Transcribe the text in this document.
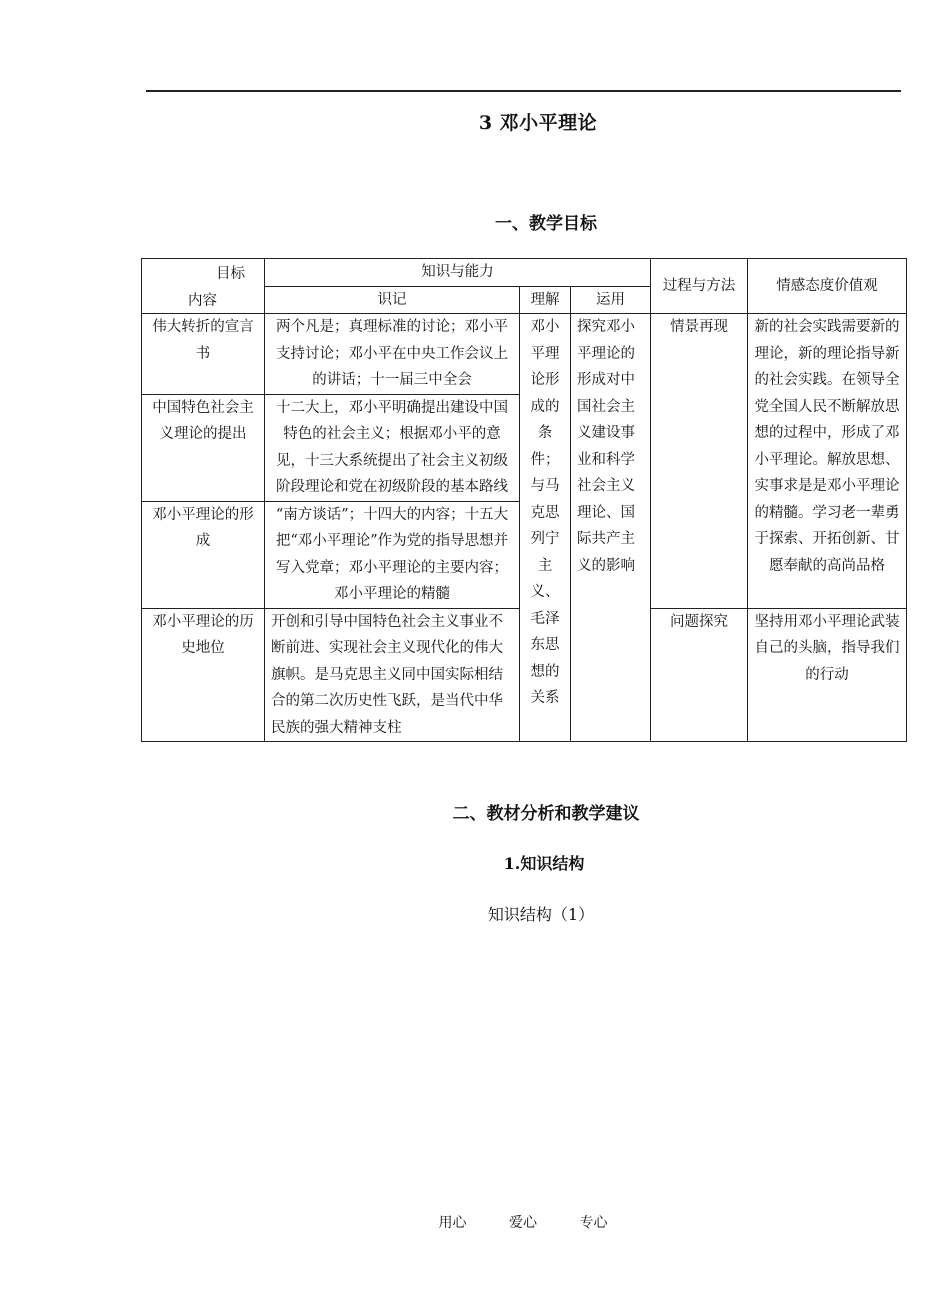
3 邓小平理论
一、教学目标
目标
内容	知识与能力			过程与方法	情感态度价值观
	识记	理解	运用		
伟大转折的宣言书	两个凡是；真理标准的讨论；邓小平支持讨论；邓小平在中央工作会议上的讲话；十一届三中全会	邓小平理论形成的条件；与马克思列宁主义、毛泽东思想的关系	探究邓小平理论的形成对中国社会主义建设事业和科学社会主义理论、国际共产主义的影响	情景再现	新的社会实践需要新的理论，新的理论指导新的社会实践。在领导全党全国人民不断解放思想的过程中，形成了邓小平理论。解放思想、实事求是是邓小平理论的精髓。学习老一辈勇于探索、开拓创新、甘愿奉献的高尚品格
中国特色社会主义理论的提出	十二大上，邓小平明确提出建设中国特色的社会主义；根据邓小平的意见，十三大系统提出了社会主义初级阶段理论和党在初级阶段的基本路线				
邓小平理论的形成	“南方谈话”；十四大的内容；十五大把“邓小平理论”作为党的指导思想并写入党章；邓小平理论的主要内容；邓小平理论的精髓				
邓小平理论的历史地位	开创和引导中国特色社会主义事业不断前进、实现社会主义现代化的伟大旗帜。是马克思主义同中国实际相结合的第二次历史性飞跃，是当代中华民族的强大精神支柱			问题探究	坚持用邓小平理论武装自己的头脑，指导我们的行动
二、教材分析和教学建议
1.知识结构
知识结构（1）
用心	爱心	专心
